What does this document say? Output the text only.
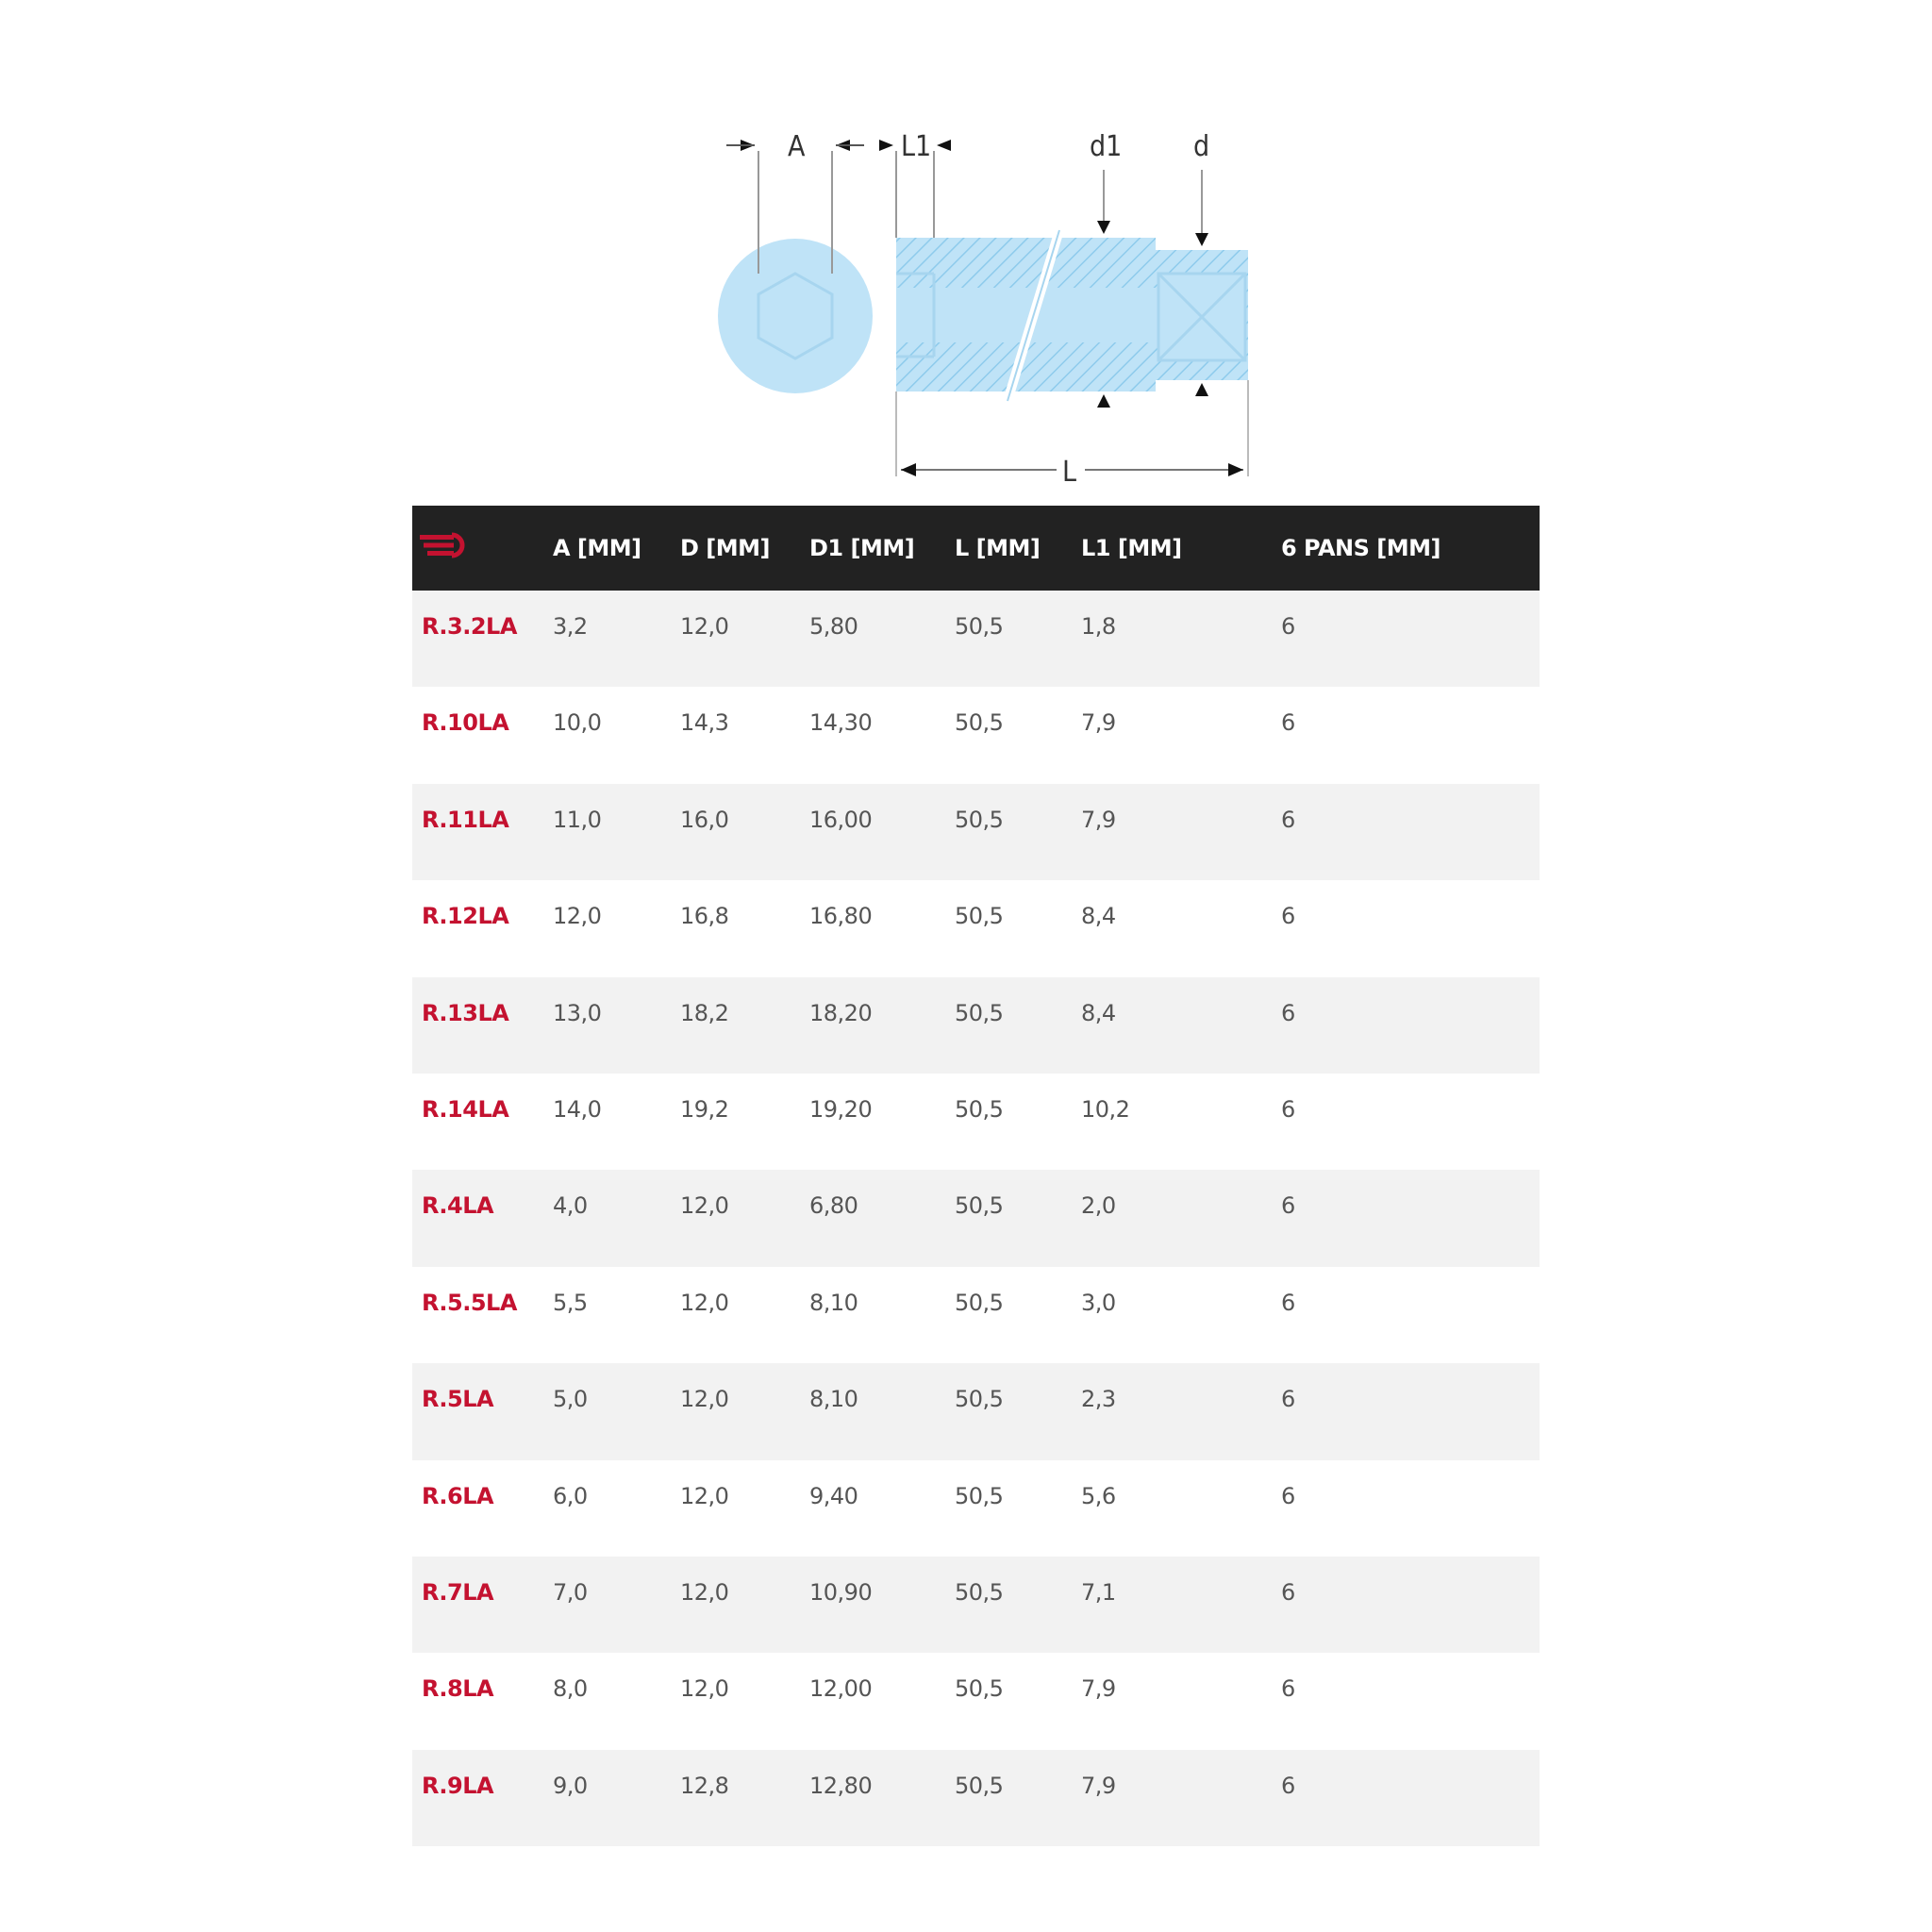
A	L1	d1	d
L
	A [MM]	D [MM]	D1 [MM]	L [MM]	L1 [MM]	6 PANS [MM]	
R.3.2LA	3,2	12,0	5,80	50,5	1,8	6	
R.10LA	10,0	14,3	14,30	50,5	7,9	6	
R.11LA	11,0	16,0	16,00	50,5	7,9	6	
R.12LA	12,0	16,8	16,80	50,5	8,4	6	
R.13LA	13,0	18,2	18,20	50,5	8,4	6	
R.14LA	14,0	19,2	19,20	50,5	10,2	6	
R.4LA	4,0	12,0	6,80	50,5	2,0	6	
R.5.5LA	5,5	12,0	8,10	50,5	3,0	6	
R.5LA	5,0	12,0	8,10	50,5	2,3	6	
R.6LA	6,0	12,0	9,40	50,5	5,6	6	
R.7LA	7,0	12,0	10,90	50,5	7,1	6	
R.8LA	8,0	12,0	12,00	50,5	7,9	6	
R.9LA	9,0	12,8	12,80	50,5	7,9	6	
